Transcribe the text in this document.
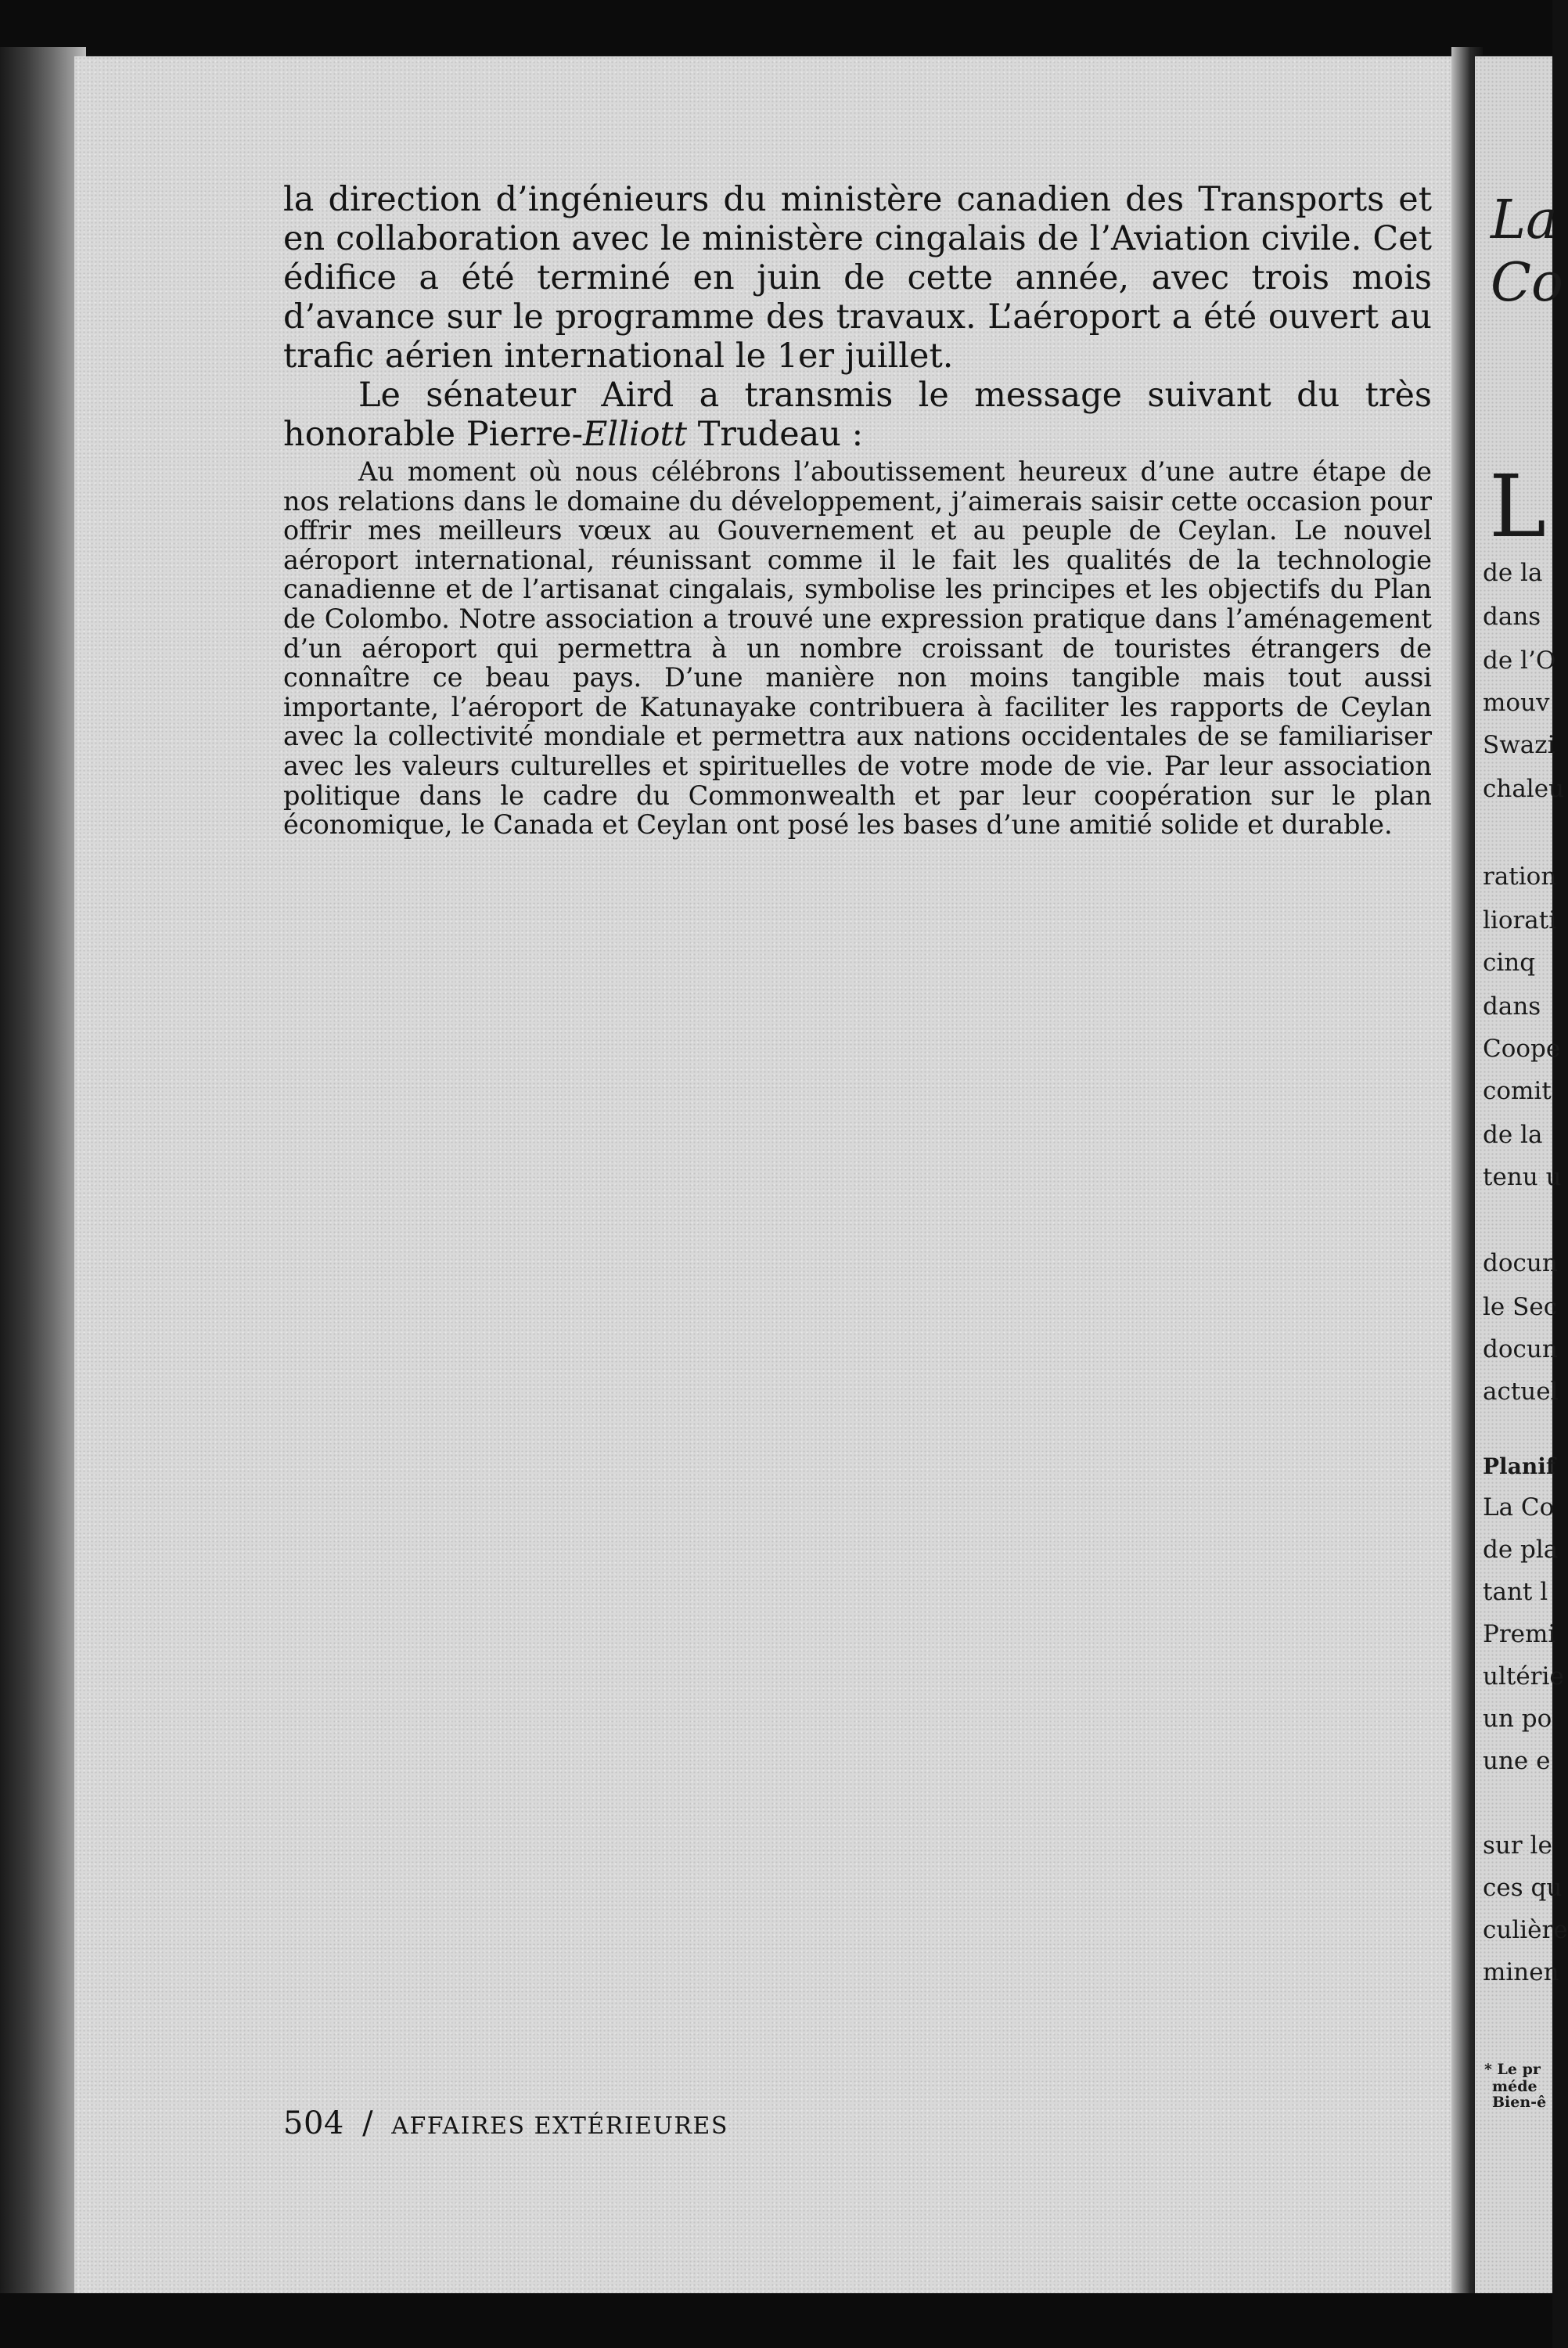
la direction d’ingénieurs du ministère canadien des Transports et en collaboration avec le ministère cingalais de l’Aviation civile. Cet édifice a été terminé en juin de cette année, avec trois mois d’avance sur le programme des travaux. L’aéroport a été ouvert au trafic aérien international le 1er juillet.

Le sénateur Aird a transmis le message suivant du très honorable Pierre-Elliott Trudeau :

Au moment où nous célébrons l’aboutissement heureux d’une autre étape de nos relations dans le domaine du développement, j’aimerais saisir cette occasion pour offrir mes meilleurs vœux au Gouvernement et au peuple de Ceylan. Le nouvel aéroport international, réunissant comme il le fait les qualités de la technologie canadienne et de l’artisanat cingalais, symbolise les principes et les objectifs du Plan de Colombo. Notre association a trouvé une expression pratique dans l’aménagement d’un aéroport qui permettra à un nombre croissant de touristes étrangers de connaître ce beau pays. D’une manière non moins tangible mais tout aussi importante, l’aéroport de Katunayake contribuera à faciliter les rapports de Ceylan avec la collectivité mondiale et permettra aux nations occidentales de se familiariser avec les valeurs culturelles et spirituelles de votre mode de vie. Par leur association politique dans le cadre du Commonwealth et par leur coopération sur le plan économique, le Canada et Ceylan ont posé les bases d’une amitié solide et durable.

504 / AFFAIRES EXTÉRIEURES
La
Co
L
de la
dans
de l’O
mouv
Swazi
chaleu
ration
liorati
cinq
dans
Coope
comit
de la
tenu u
docun
le Sec
docun
actuel
Planif
La Co
de pla
tant l
Premi
ultérie
un po
une e
sur le
ces qu
culière
minen
* Le pr
méde
Bien-ê
